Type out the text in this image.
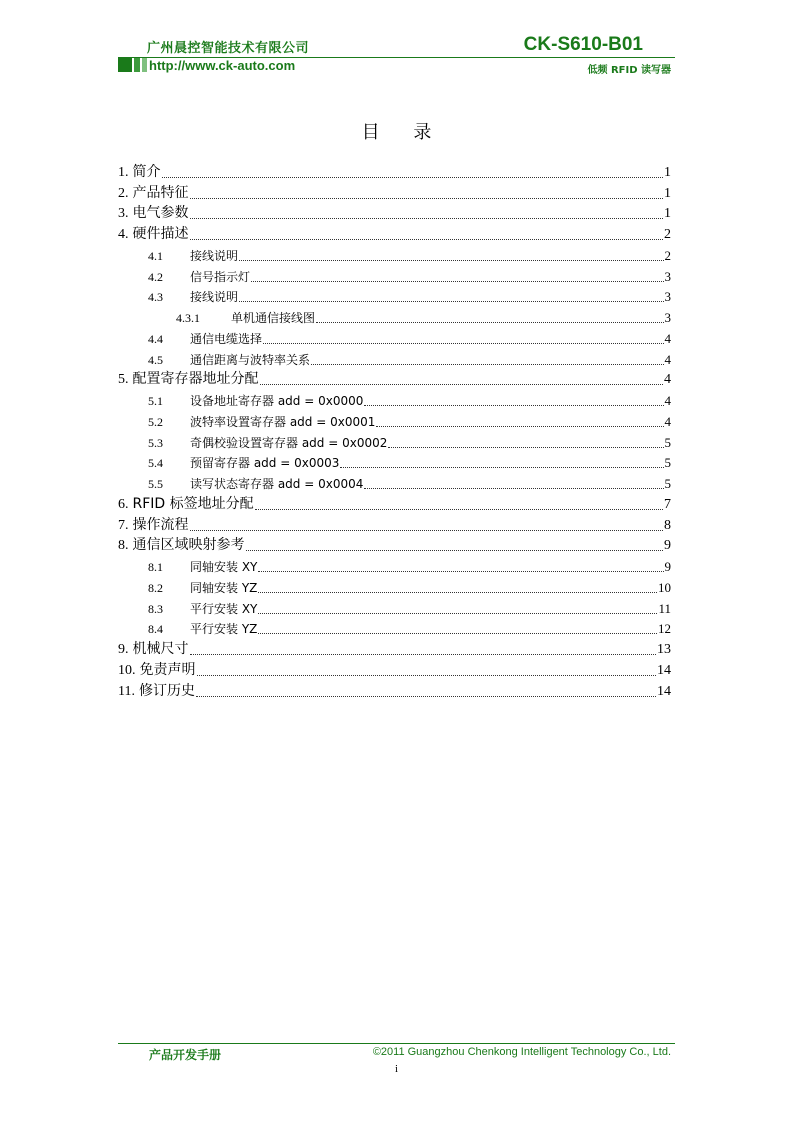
广州晨控智能技术有限公司	CK-S610-B01
http://www.ck-auto.com	低频 RFID 读写器
目 录
1. 简介	1
2. 产品特征	1
3. 电气参数	1
4. 硬件描述	2
4.1 接线说明	2
4.2 信号指示灯	3
4.3 接线说明	3
4.3.1	单机通信接线图	3
4.4 通信电缆选择	4
4.5 通信距离与波特率关系	4
5. 配置寄存器地址分配	4
5.1 设备地址寄存器 add = 0x0000	4
5.2 波特率设置寄存器 add = 0x0001	4
5.3 奇偶校验设置寄存器 add = 0x0002	5
5.4 预留寄存器 add = 0x0003	5
5.5 读写状态寄存器 add = 0x0004	5
6. RFID 标签地址分配	7
7. 操作流程	8
8. 通信区域映射参考	9
8.1 同轴安装 XY	9
8.2 同轴安装 YZ	10
8.3 平行安装 XY	11
8.4 平行安装 YZ	12
9. 机械尺寸	13
10. 免责声明	14
11. 修订历史	14
产品开发手册	©2011 Guangzhou Chenkong Intelligent Technology Co., Ltd.
i
